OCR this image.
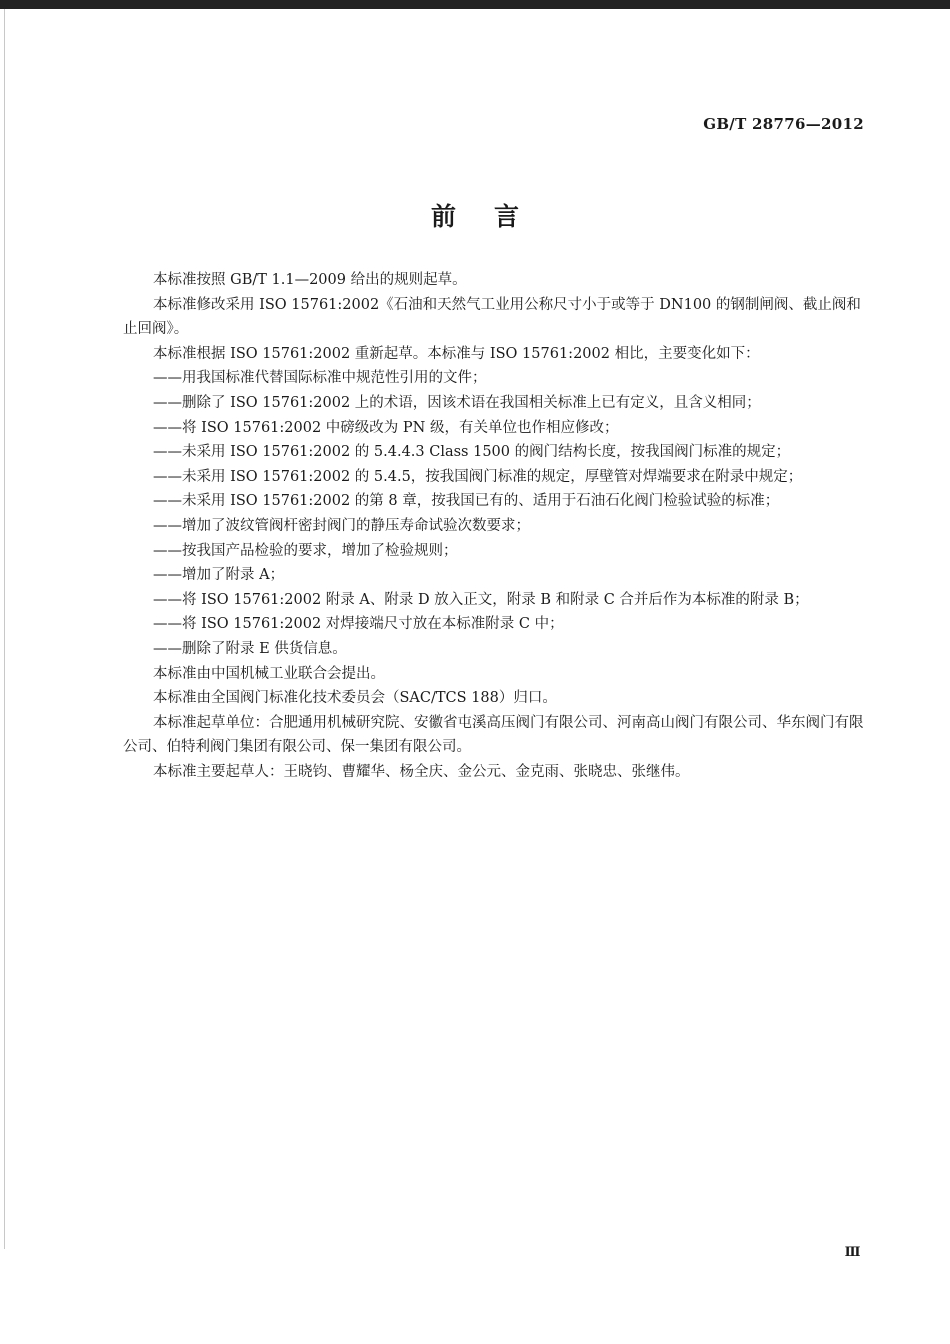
GB/T 28776—2012
前言

本标准按照 GB/T 1.1—2009 给出的规则起草。

本标准修改采用 ISO 15761:2002《石油和天然气工业用公称尺寸小于或等于 DN100 的钢制闸阀、截止阀和止回阀》。

本标准根据 ISO 15761:2002 重新起草。本标准与 ISO 15761:2002 相比，主要变化如下：

——用我国标准代替国际标准中规范性引用的文件；

——删除了 ISO 15761:2002 上的术语，因该术语在我国相关标准上已有定义，且含义相同；

——将 ISO 15761:2002 中磅级改为 PN 级，有关单位也作相应修改；

——未采用 ISO 15761:2002 的 5.4.4.3 Class 1500 的阀门结构长度，按我国阀门标准的规定；

——未采用 ISO 15761:2002 的 5.4.5，按我国阀门标准的规定，厚壁管对焊端要求在附录中规定；

——未采用 ISO 15761:2002 的第 8 章，按我国已有的、适用于石油石化阀门检验试验的标准；

——增加了波纹管阀杆密封阀门的静压寿命试验次数要求；

——按我国产品检验的要求，增加了检验规则；

——增加了附录 A；

——将 ISO 15761:2002 附录 A、附录 D 放入正文，附录 B 和附录 C 合并后作为本标准的附录 B；

——将 ISO 15761:2002 对焊接端尺寸放在本标准附录 C 中；

——删除了附录 E 供货信息。

本标准由中国机械工业联合会提出。

本标准由全国阀门标准化技术委员会（SAC/TCS 188）归口。

本标准起草单位：合肥通用机械研究院、安徽省屯溪高压阀门有限公司、河南高山阀门有限公司、华东阀门有限公司、伯特利阀门集团有限公司、保一集团有限公司。

本标准主要起草人：王晓钧、曹耀华、杨全庆、金公元、金克雨、张晓忠、张继伟。

Ⅲ
